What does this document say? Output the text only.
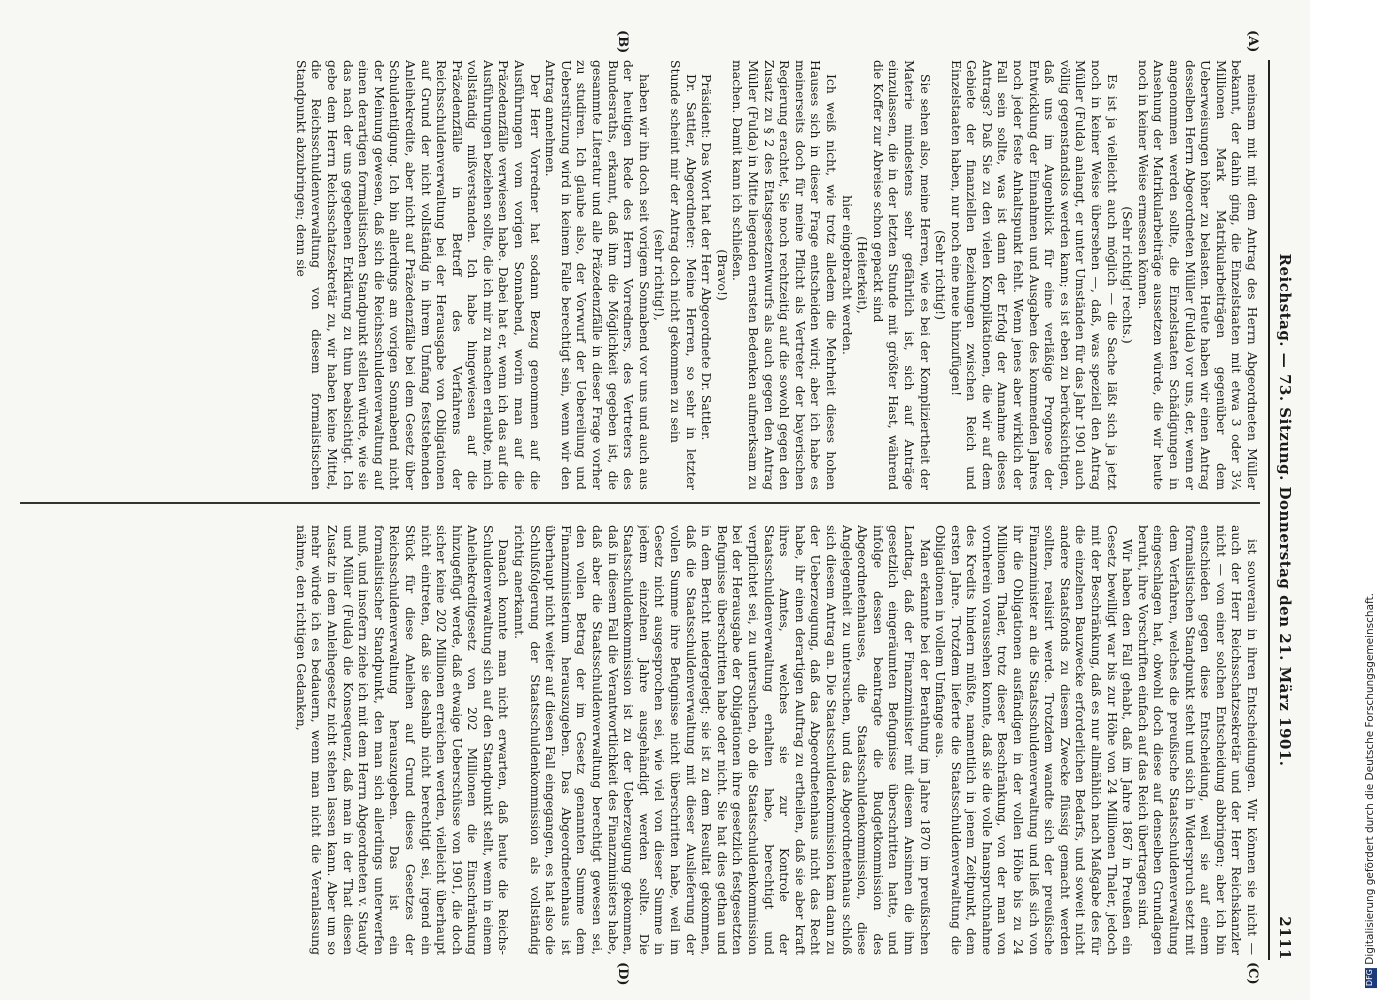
Reichstag. — 73. Sitzung. Donnerstag den 21. März 1901.
2111
(A)
(B)
(C)
(D)

meinsam mit mit dem Antrag des Herrn Abgeordneten Müller bekannt, der dahin ging, die Einzelstaaten mit etwa 3 oder 3¼ Millionen Mark Matrikularbeiträgen gegenüber dem Ueberweisungen höher zu belasten. Heute haben wir einen Antrag desselben Herrn Abgeordneten Müller (Fulda) vor uns, der, wenn er angenommen werden sollte, die Einzelstaaten Schädigungen in Ansehung der Matrikularbeiträge aussetzen würde, die wir heute noch in keiner Weise ermessen können.

(Sehr richtig! rechts.)

Es ist ja vielleicht auch möglich — die Sache läßt sich ja jetzt noch in keiner Weise übersehen —, daß, was speziell den Antrag Müller (Fulda) anlangt, er unter Umständen für das Jahr 1901 auch völlig gegenstandslos werden kann; es ist eben zu berücksichtigen, daß uns im Augenblick für eine verläßige Prognose der Entwicklung der Einnahmen und Ausgaben des kommenden Jahres noch jeder feste Anhaltspunkt fehlt. Wenn jenes aber wirklich der Fall sein sollte, was ist dann der Erfolg der Annahme dieses Antrags? Daß Sie zu den vielen Komplikationen, die wir auf dem Gebiete der finanziellen Beziehungen zwischen Reich und Einzelstaaten haben, nur noch eine neue hinzufügen!

(Sehr richtig!)

Sie sehen also, meine Herren, wie es bei der Kompliziertheit der Materie mindestens sehr gefährlich ist, sich auf Anträge einzulassen, die in der letzten Stunde mit größter Hast, während die Koffer zur Abreise schon gepackt sind

(Heiterkeit),

hier eingebracht werden.

Ich weiß nicht, wie trotz alledem die Mehrheit dieses hohen Hauses sich in dieser Frage entscheiden wird; aber ich habe es meinerseits doch für meine Pflicht als Vertreter der bayerischen Regierung erachtet, Sie noch rechtzeitig auf die sowohl gegen den Zusatz zu § 2 des Etatsgesetzentwurfs als auch gegen den Antrag Müller (Fulda) in Mitte liegenden ernsten Bedenken aufmerksam zu machen. Damit kann ich schließen.

(Bravo!)

Präsident: Das Wort hat der Herr Abgeordnete Dr. Sattler.

Dr. Sattler, Abgeordneter: Meine Herren, so sehr in letzter Stunde scheint mir der Antrag doch nicht gekommen zu sein

(sehr richtig!),

haben wir ihn doch seit vorigem Sonnabend vor uns und auch aus der heutigen Rede des Herrn Vorredners, des Vertreters des Bundesraths, erkannt, daß ihm die Möglichkeit gegeben ist, die gesammte Literatur und alle Präzedenzfälle in dieser Frage vorher zu studiren. Ich glaube also, der Vorwurf der Uebereilung und Ueberstürzung wird in keinem Falle berechtigt sein, wenn wir den Antrag annehmen.

Der Herr Vorredner hat sodann Bezug genommen auf die Ausführungen vom vorigen Sonnabend, worin man auf die Präzedenzfälle verwiesen habe. Dabei hat er, wenn ich das auf die Ausführungen beziehen sollte, die ich mir zu machen erlaubte, mich vollständig mißverstanden. Ich habe hingewiesen auf die Präzedenzfälle in Betreff des Verfahrens der Reichsschuldenverwaltung bei der Herausgabe von Obligationen auf Grund der nicht vollständig in ihrem Umfang feststehenden Anleihekredite, aber nicht auf Präzedenzfälle bei dem Gesetz über Schuldentilgung. Ich bin allerdings am vorigen Sonnabend nicht der Meinung gewesen, daß sich die Reichsschuldenverwaltung auf einen derartigen formalistischen Standpunkt stellen würde, wie sie das nach der uns gegebenen Erklärung zu thun beabsichtigt. Ich gebe dem Herrn Reichsschatzsekretär zu, wir haben keine Mittel, die Reichsschuldenverwaltung von diesem formalistischen Standpunkt abzubringen; denn sie

ist souverain in ihren Entscheidungen. Wir können sie nicht — auch der Herr Reichsschatzsekretär und der Herr Reichskanzler nicht — von einer solchen Entscheidung abbringen; aber ich bin entschieden gegen diese Entscheidung, weil sie auf einem formalistischen Standpunkt steht und sich in Widerspruch setzt mit dem Verfahren, welches die preußische Staatsschuldenverwaltung eingeschlagen hat, obwohl doch diese auf denselben Grundlagen beruht, ihre Vorschriften einfach auf das Reich übertragen sind.

Wir haben den Fall gehabt, daß im Jahre 1867 in Preußen ein Gesetz bewilligt war bis zur Höhe von 24 Millionen Thaler, jedoch mit der Beschränkung, daß es nur allmählich nach Maßgabe des für die einzelnen Bauzwecke erforderlichen Bedarfs, und soweit nicht andere Staatsfonds zu diesem Zwecke flüssig gemacht werden sollten, realisirt werde. Trotzdem wandte sich der preußische Finanzminister an die Staatsschuldenverwaltung und ließ sich von ihr die Obligationen ausfändigen in der vollen Höhe bis zu 24 Millionen Thaler, trotz dieser Beschränkung, von der man von vornherein voraussehen konnte, daß sie die volle Inanspruchnahme des Kredits hindern müßte, namentlich in jenem Zeitpunkt, dem ersten Jahre. Trotzdem lieferte die Staatsschuldenverwaltung die Obligationen in vollem Umfange aus.

Man erkannte bei der Berathung im Jahre 1870 im preußischen Landtag, daß der Finanzminister mit diesem Ansinnen die ihm gesetzlich eingeräumten Befugnisse überschritten hatte, und infolge dessen beantragte die Budgetkommission des Abgeordnetenhauses, die Staatsschuldenkommission, diese Angelegenheit zu untersuchen, und das Abgeordnetenhaus schloß sich diesem Antrag an. Die Staatsschuldenkommission kam dann zu der Ueberzeugung, daß das Abgeordnetenhaus nicht das Recht habe, ihr einen derartigen Auftrag zu ertheilen, daß sie aber kraft ihres Amtes, welches sie zur Kontrole der Staatsschuldenverwaltung erhalten habe, berechtigt und verpflichtet sei, zu untersuchen, ob die Staatsschuldenkommission bei der Herausgabe der Obligationen ihre gesetzlich festgesetzten Befugnisse überschritten habe oder nicht. Sie hat dies gethan und in dem Bericht niedergelegt; sie ist zu dem Resultat gekommen, daß die Staatsschuldenverwaltung mit dieser Auslieferung der vollen Summe ihre Befugnisse nicht überschritten habe, weil im Gesetz nicht ausgesprochen sei, wie viel von dieser Summe in jedem einzelnen Jahre ausgehändigt werden sollte. Die Staatsschuldenkommission ist zu der Ueberzeugung gekommen, daß in diesem Fall die Verantwortlichkeit des Finanzministers habe, daß aber die Staatsschuldenverwaltung berechtigt gewesen sei, den vollen Betrag der im Gesetz genannten Summe dem Finanzministerium herauszugeben. Das Abgeordnetenhaus ist überhaupt nicht weiter auf diesen Fall eingegangen, es hat also die Schlußfolgerung der Staatsschuldenkommission als vollständig richtig anerkannt.

Danach konnte man nicht erwarten, daß heute die Reichs-Schuldenverwaltung sich auf den Standpunkt stellt, wenn in einem Anleihekreditgesetz von 202 Millionen die Einschränkung hinzugefügt werde, daß etwaige Ueberschüsse von 1901, die doch sicher keine 202 Millionen erreichen werden, vielleicht überhaupt nicht eintreten, daß sie deshalb nicht berechtigt sei, irgend ein Stück für diese Anleihen auf Grund dieses Gesetzes der Reichsschuldenverwaltung herauszugeben. Das ist ein formalistischer Standpunkt, den man sich allerdings unterwerfen muß, und insofern ziehe ich mit dem Herrn Abgeordneten v. Staudy und Müller (Fulda) die Konsequenz, daß man in der That diesen Zusatz in dem Anleihegesetz nicht stehen lassen kann. Aber um so mehr würde ich es bedauern, wenn man nicht die Veranlassung nähme, den richtigen Gedanken,

DFG Digitalisierung gefördert durch die Deutsche Forschungsgemeinschaft.
